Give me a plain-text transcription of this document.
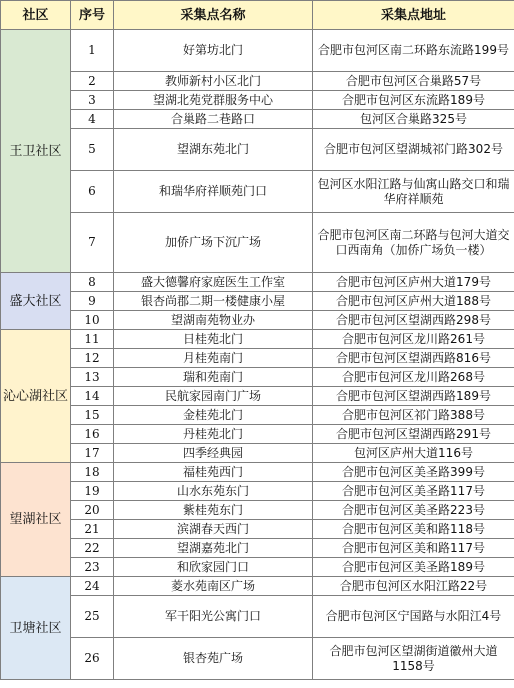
社区	序号	采集点名称	采集点地址
王卫社区	1	好第坊北门	合肥市包河区南二环路东流路199号
	2	教师新村小区北门	合肥市包河区合巢路57号
	3	望湖北苑党群服务中心	合肥市包河区东流路189号
	4	合巢路二巷路口	包河区合巢路325号
	5	望湖东苑北门	合肥市包河区望湖城祁门路302号
	6	和瑞华府祥顺苑门口	包河区水阳江路与仙寓山路交口和瑞华府祥顺苑
	7	加侨广场下沉广场	合肥市包河区南二环路与包河大道交口西南角（加侨广场负一楼）
盛大社区	8	盛大德馨府家庭医生工作室	合肥市包河区庐州大道179号
	9	银杏尚郡二期一楼健康小屋	合肥市包河区庐州大道188号
	10	望湖南苑物业办	合肥市包河区望湖西路298号
沁心湖社区	11	日桂苑北门	合肥市包河区龙川路261号
	12	月桂苑南门	合肥市包河区望湖西路816号
	13	瑞和苑南门	合肥市包河区龙川路268号
	14	民航家园南门广场	合肥市包河区望湖西路189号
	15	金桂苑北门	合肥市包河区祁门路388号
	16	丹桂苑北门	合肥市包河区望湖西路291号
	17	四季经典园	包河区庐州大道116号
望湖社区	18	福桂苑西门	合肥市包河区美圣路399号
	19	山水东苑东门	合肥市包河区美圣路117号
	20	紫桂苑东门	合肥市包河区美圣路223号
	21	滨湖春天西门	合肥市包河区美和路118号
	22	望湖嘉苑北门	合肥市包河区美和路117号
	23	和欣家园门口	合肥市包河区美圣路189号
卫塘社区	24	菱水苑南区广场	合肥市包河区水阳江路22号
	25	军干阳光公寓门口	合肥市包河区宁国路与水阳江4号
	26	银杏苑广场	合肥市包河区望湖街道徽州大道1158号
